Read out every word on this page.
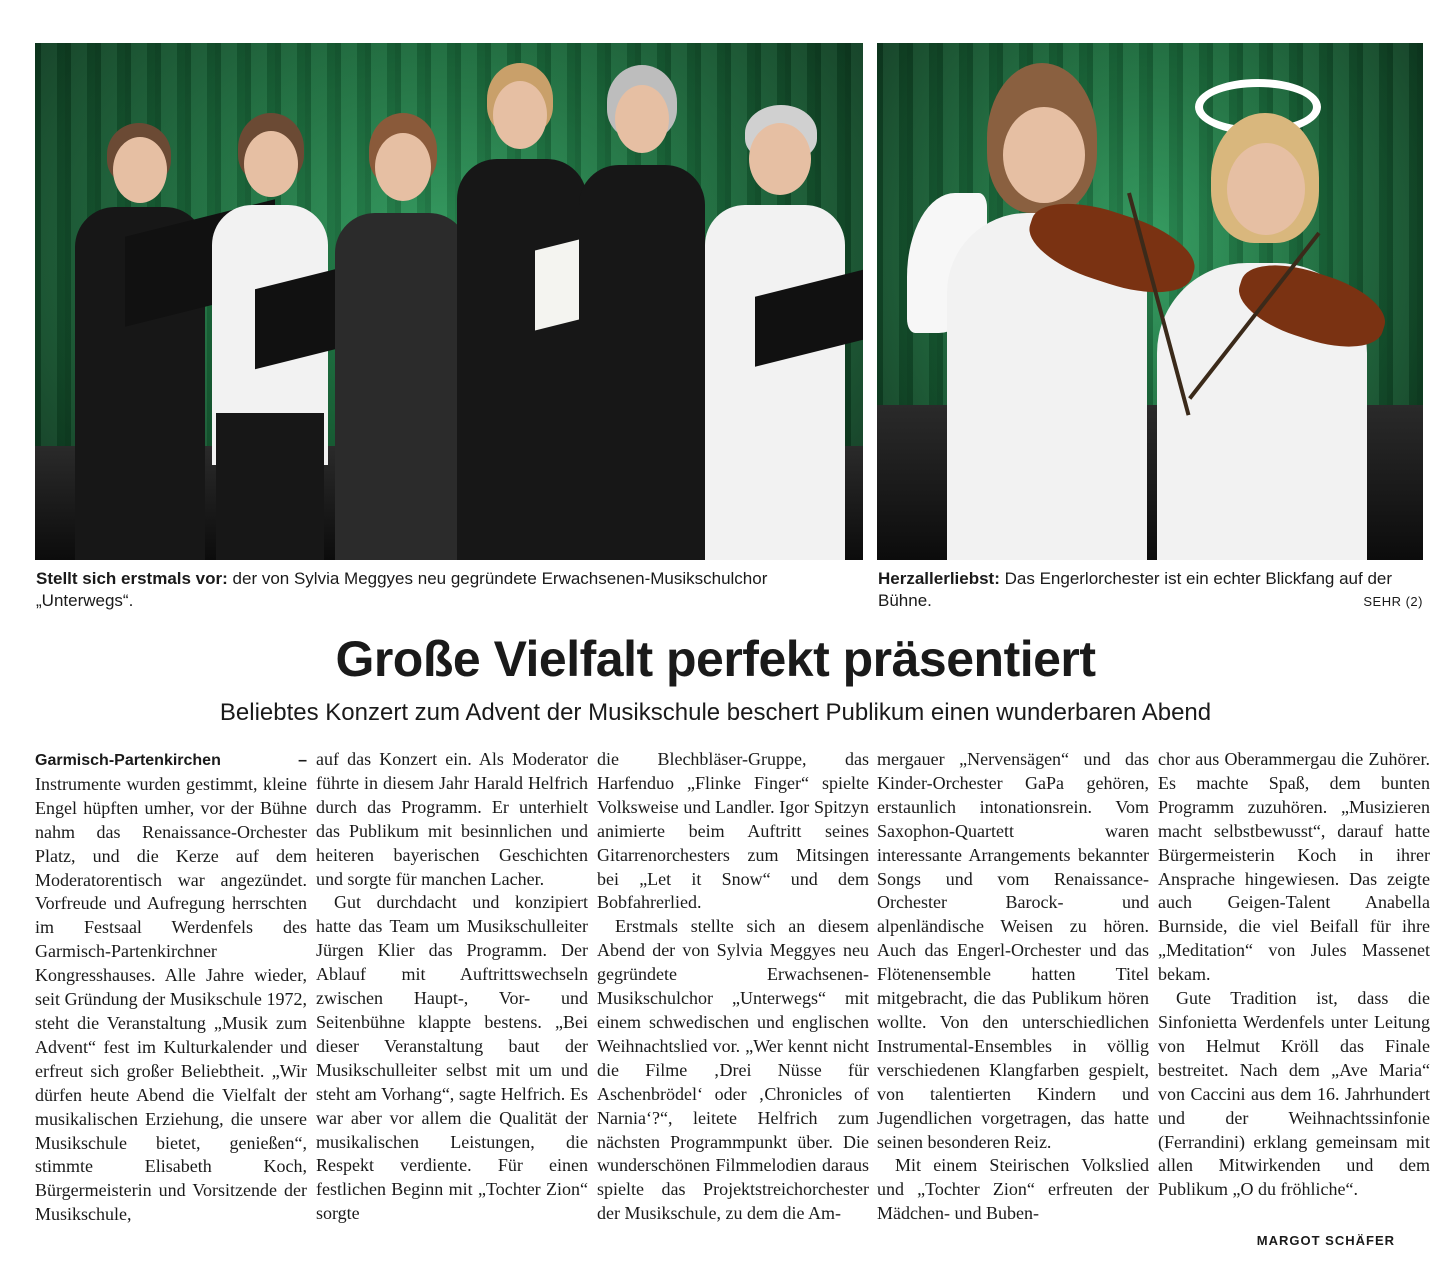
Stellt sich erstmals vor: der von Sylvia Meggyes neu gegründete Erwachsenen-Musikschulchor „Unterwegs“.
Herzallerliebst: Das Engerlorchester ist ein echter Blickfang auf der Bühne.	SEHR (2)
Große Vielfalt perfekt präsentiert
Beliebtes Konzert zum Advent der Musikschule beschert Publikum einen wunderbaren Abend

Garmisch-Partenkirchen – Instrumente wurden gestimmt, kleine Engel hüpften umher, vor der Bühne nahm das Renaissance-Orchester Platz, und die Kerze auf dem Moderatorentisch war angezündet. Vorfreude und Aufregung herrschten im Festsaal Werdenfels des Garmisch-Partenkirchner Kongresshauses. Alle Jahre wieder, seit Gründung der Musikschule 1972, steht die Veranstaltung „Musik zum Advent“ fest im Kulturkalender und erfreut sich großer Beliebtheit. „Wir dürfen heute Abend die Vielfalt der musikalischen Erziehung, die unsere Musikschule bietet, genießen“, stimmte Elisabeth Koch, Bürgermeisterin und Vorsitzende der Musikschule,

auf das Konzert ein. Als Moderator führte in diesem Jahr Harald Helfrich durch das Programm. Er unterhielt das Publikum mit besinnlichen und heiteren bayerischen Geschichten und sorgte für manchen Lacher.

Gut durchdacht und konzipiert hatte das Team um Musikschulleiter Jürgen Klier das Programm. Der Ablauf mit Auftrittswechseln zwischen Haupt-, Vor- und Seitenbühne klappte bestens. „Bei dieser Veranstaltung baut der Musikschulleiter selbst mit um und steht am Vorhang“, sagte Helfrich. Es war aber vor allem die Qualität der musikalischen Leistungen, die Respekt verdiente. Für einen festlichen Beginn mit „Tochter Zion“ sorgte

die Blechbläser-Gruppe, das Harfenduo „Flinke Finger“ spielte Volksweise und Landler. Igor Spitzyn animierte beim Auftritt seines Gitarrenorchesters zum Mitsingen bei „Let it Snow“ und dem Bobfahrerlied.

Erstmals stellte sich an diesem Abend der von Sylvia Meggyes neu gegründete Erwachsenen-Musikschulchor „Unterwegs“ mit einem schwedischen und englischen Weihnachtslied vor. „Wer kennt nicht die Filme ‚Drei Nüsse für Aschenbrödel‘ oder ‚Chronicles of Narnia‘?“, leitete Helfrich zum nächsten Programmpunkt über. Die wunderschönen Filmmelodien daraus spielte das Projektstreichorchester der Musikschule, zu dem die Am-

mergauer „Nervensägen“ und das Kinder-Orchester GaPa gehören, erstaunlich intonationsrein. Vom Saxophon-Quartett waren interessante Arrangements bekannter Songs und vom Renaissance-Orchester Barock- und alpenländische Weisen zu hören. Auch das Engerl-Orchester und das Flötenensemble hatten Titel mitgebracht, die das Publikum hören wollte. Von den unterschiedlichen Instrumental-Ensembles in völlig verschiedenen Klangfarben gespielt, von talentierten Kindern und Jugendlichen vorgetragen, das hatte seinen besonderen Reiz.

Mit einem Steirischen Volkslied und „Tochter Zion“ erfreuten der Mädchen- und Buben-

chor aus Oberammergau die Zuhörer. Es machte Spaß, dem bunten Programm zuzuhören. „Musizieren macht selbstbewusst“, darauf hatte Bürgermeisterin Koch in ihrer Ansprache hingewiesen. Das zeigte auch Geigen-Talent Anabella Burnside, die viel Beifall für ihre „Meditation“ von Jules Massenet bekam.

Gute Tradition ist, dass die Sinfonietta Werdenfels unter Leitung von Helmut Kröll das Finale bestreitet. Nach dem „Ave Maria“ von Caccini aus dem 16. Jahrhundert und der Weihnachtssinfonie (Ferrandini) erklang gemeinsam mit allen Mitwirkenden und dem Publikum „O du fröhliche“.

MARGOT SCHÄFER
